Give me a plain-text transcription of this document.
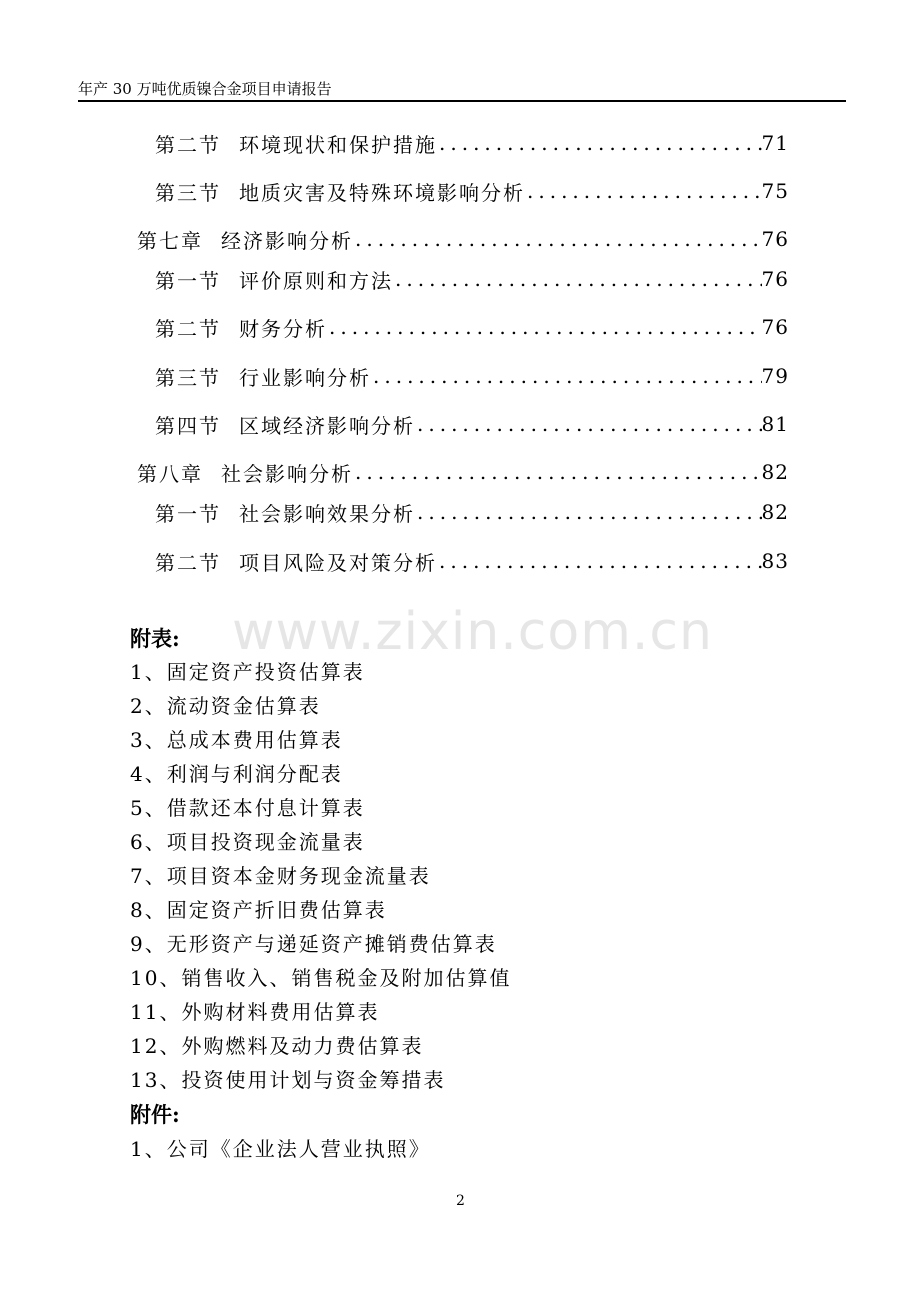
年产 30 万吨优质镍合金项目申请报告
www.zixin.com.cn
第二节 环境现状和保护措施 .....	71
第三节 地质灾害及特殊环境影响分析 .....	75
第七章 经济影响分析 .....	76
第一节 评价原则和方法 .....	76
第二节 财务分析 .....	76
第三节 行业影响分析 .....	79
第四节 区域经济影响分析 .....	81
第八章 社会影响分析 .....	82
第一节 社会影响效果分析 .....	82
第二节 项目风险及对策分析 .....	83
附表:
1、固定资产投资估算表
2、流动资金估算表
3、总成本费用估算表
4、利润与利润分配表
5、借款还本付息计算表
6、项目投资现金流量表
7、项目资本金财务现金流量表
8、固定资产折旧费估算表
9、无形资产与递延资产摊销费估算表
10、销售收入、销售税金及附加估算值
11、外购材料费用估算表
12、外购燃料及动力费估算表
13、投资使用计划与资金筹措表
附件:
1、公司《企业法人营业执照》
2
